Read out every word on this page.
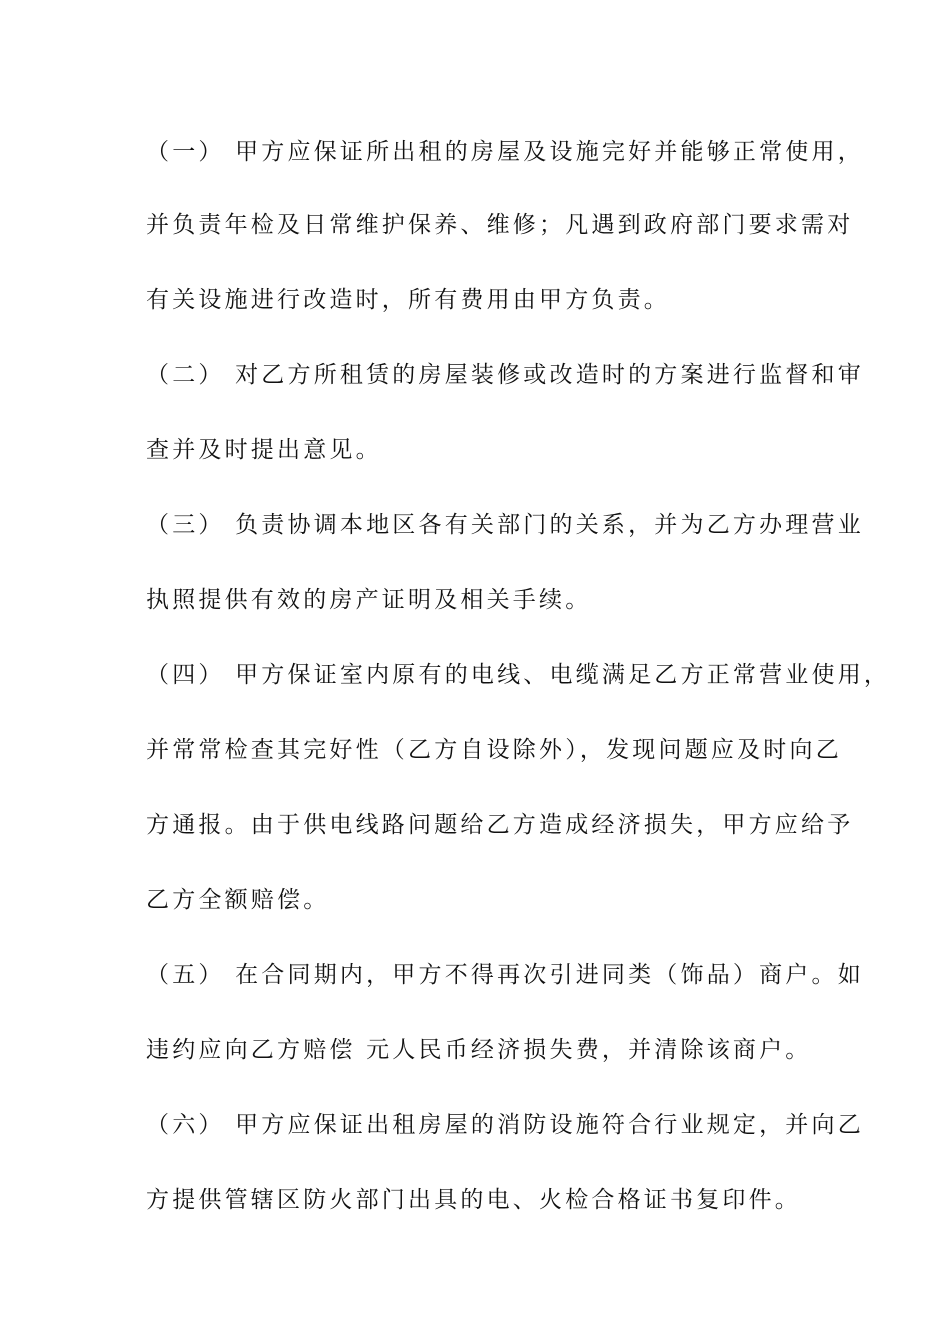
（一） 甲方应保证所出租的房屋及设施完好并能够正常使用，
并负责年检及日常维护保养、维修；凡遇到政府部门要求需对
有关设施进行改造时，所有费用由甲方负责。
（二） 对乙方所租赁的房屋装修或改造时的方案进行监督和审
查并及时提出意见。
（三） 负责协调本地区各有关部门的关系，并为乙方办理营业
执照提供有效的房产证明及相关手续。
（四） 甲方保证室内原有的电线、电缆满足乙方正常营业使用，
并常常检查其完好性（乙方自设除外），发现问题应及时向乙
方通报。由于供电线路问题给乙方造成经济损失，甲方应给予
乙方全额赔偿。
（五） 在合同期内，甲方不得再次引进同类（饰品）商户。如
违约应向乙方赔偿 元人民币经济损失费，并清除该商户。
（六） 甲方应保证出租房屋的消防设施符合行业规定，并向乙
方提供管辖区防火部门出具的电、火检合格证书复印件。
